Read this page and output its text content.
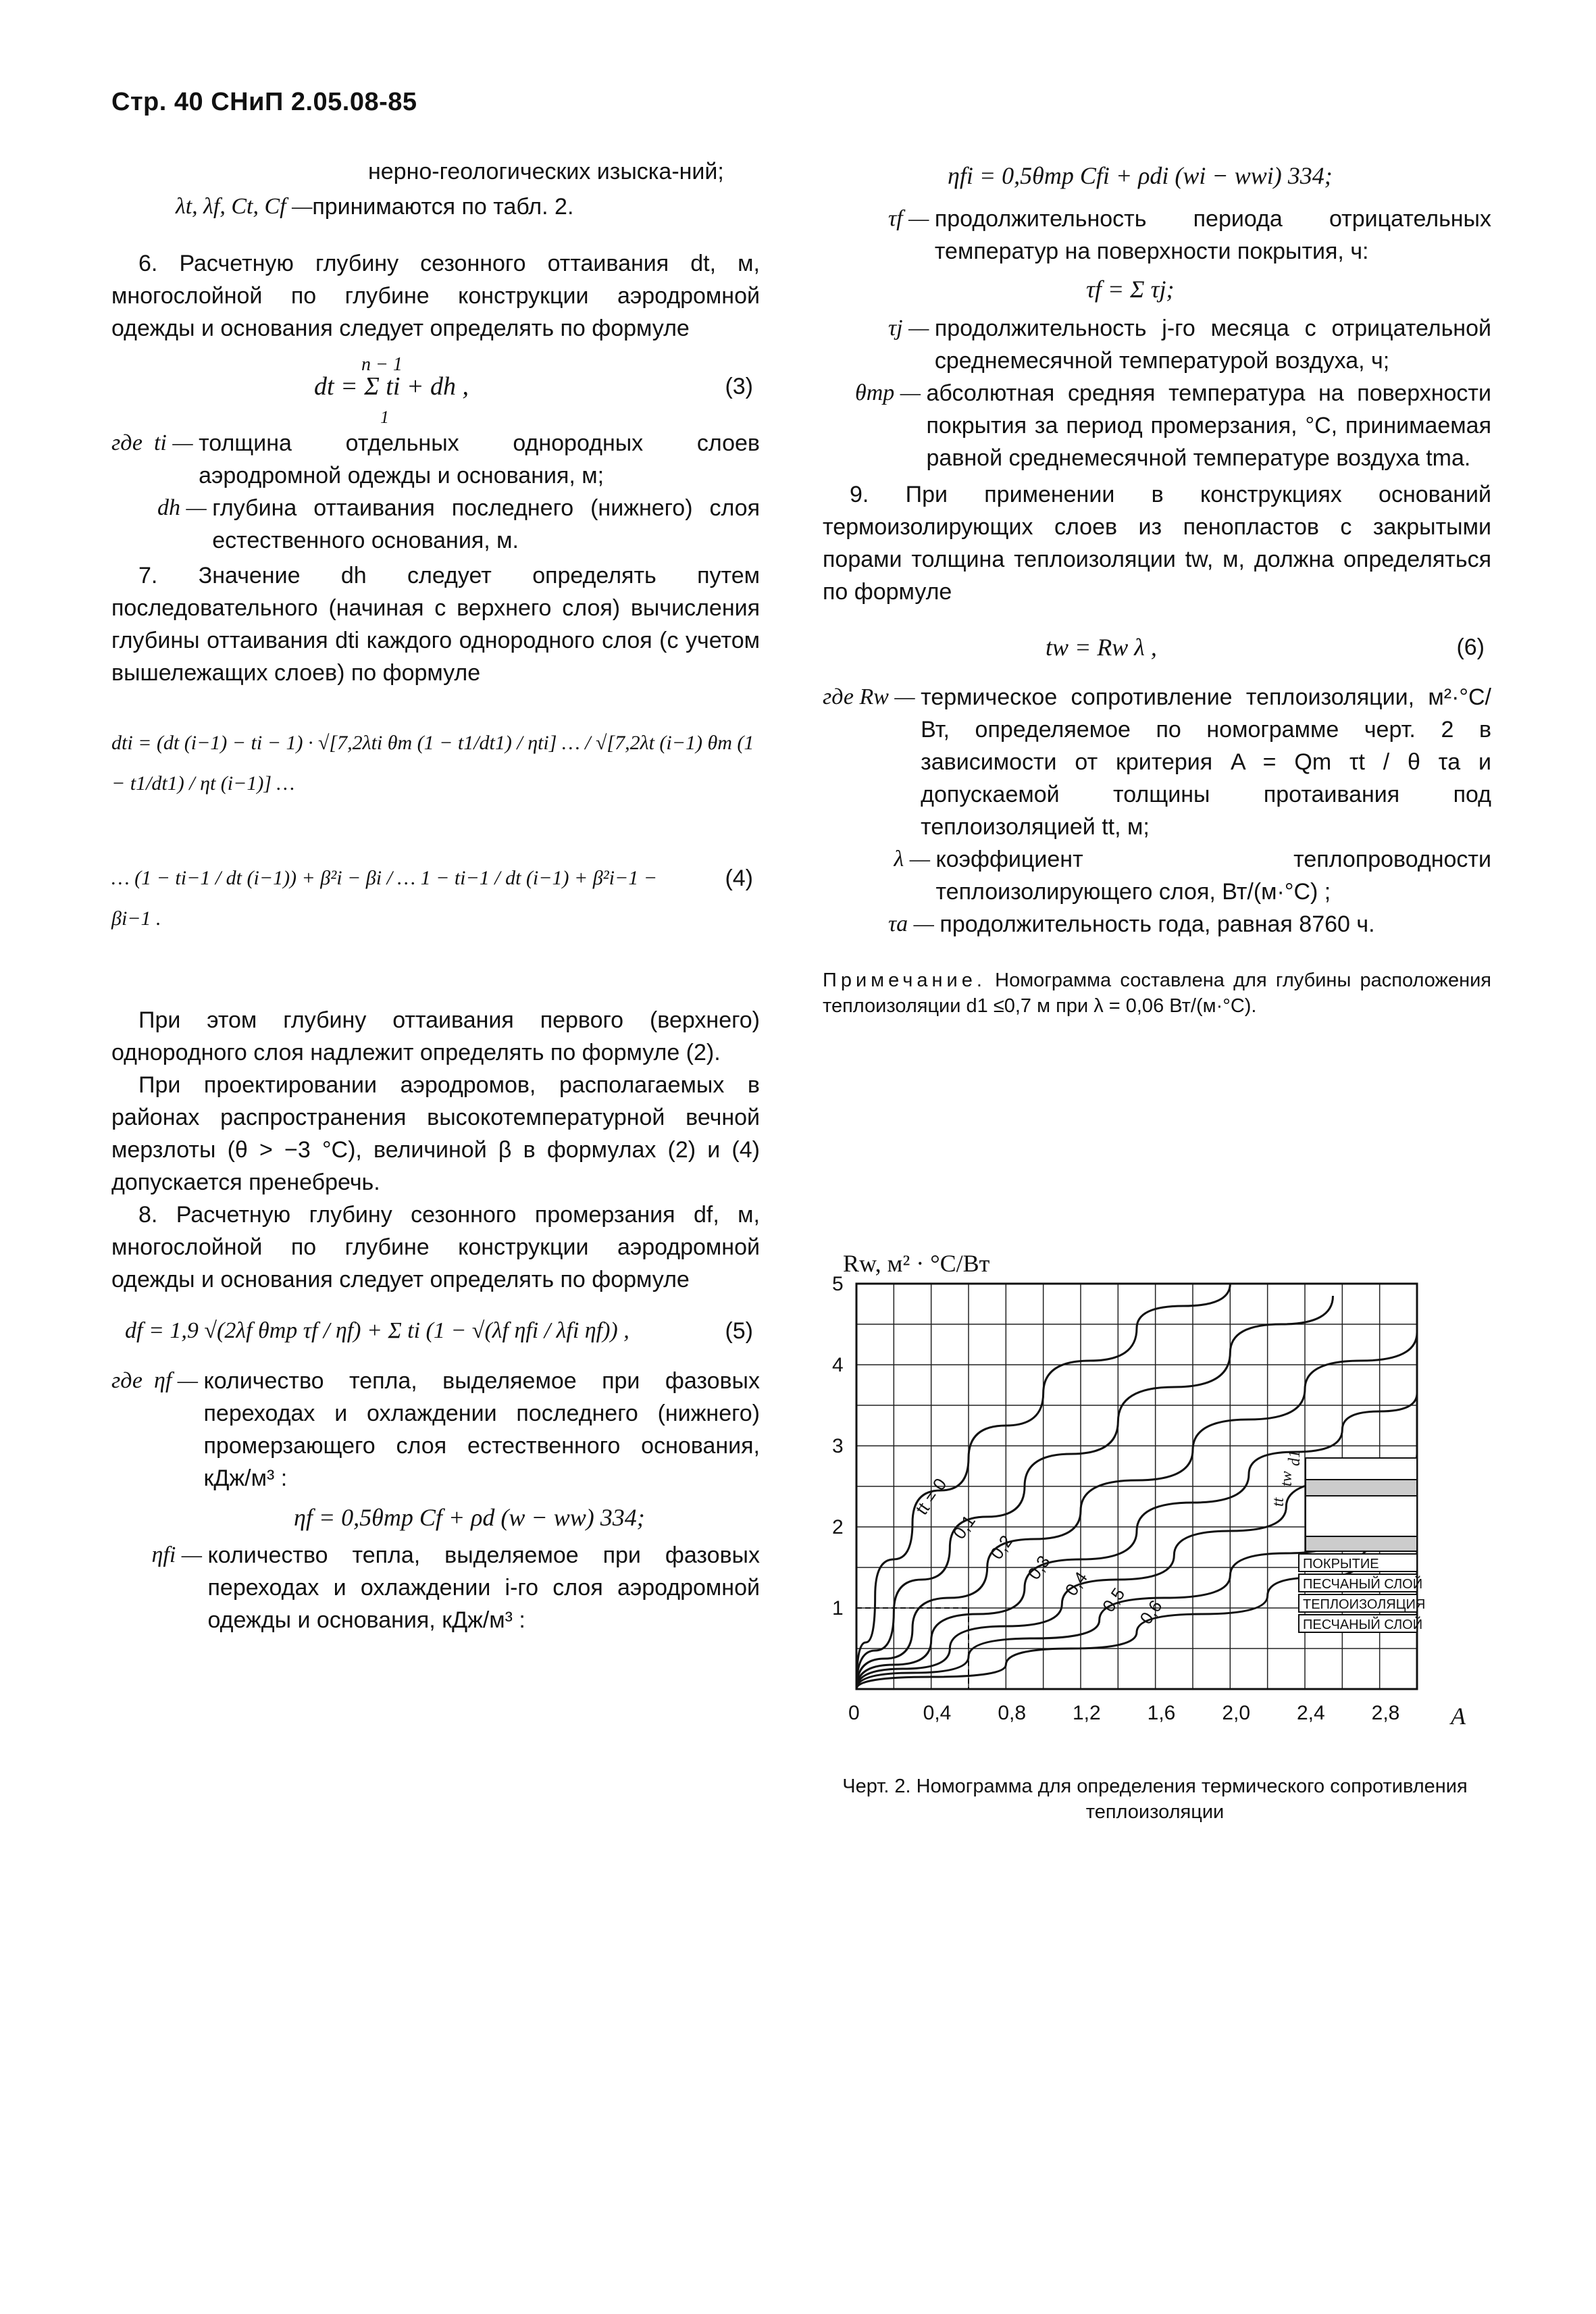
Стр. 40 СНиП 2.05.08-85

нерно-геологических изыска-ний;

λt, λf, Ct, Cf — принимаются по табл. 2.

6. Расчетную глубину сезонного оттаивания dt, м, многослойной по глубине конструкции аэродромной одежды и основания следует определять по формуле

n − 1
dt = Σ ti + dh ,
1
(3)
где  ti — толщина отдельных однородных слоев аэродромной одежды и основания, м;
dh — глубина оттаивания последнего (нижнего) слоя естественного основания, м.

7. Значение dh следует определять путем последовательного (начиная с верхнего слоя) вычисления глубины оттаивания dti каждого однородного слоя (с учетом вышележащих слоев) по формуле

dti = (dt (i−1) − ti − 1) · √[7,2λti θm (1 − t1/dt1) / ηti] … / √[7,2λt (i−1) θm (1 − t1/dt1) / ηt (i−1)] …
… (1 − ti−1 / dt (i−1)) + β²i − βi / … 1 − ti−1 / dt (i−1) + β²i−1 − βi−1 .
(4)

При этом глубину оттаивания первого (верхнего) однородного слоя надлежит определять по формуле (2).

При проектировании аэродромов, располагаемых в районах распространения высокотемпературной вечной мерзлоты (θ > −3 °С), величиной β в формулах (2) и (4) допускается пренебречь.

8. Расчетную глубину сезонного промерзания df, м, многослойной по глубине конструкции аэродромной одежды и основания следует определять по формуле

df = 1,9 √(2λf θmp τf / ηf) + Σ ti (1 − √(λf ηfi / λfi ηf)) ,	(5)
где  ηf — количество тепла, выделяемое при фазовых переходах и охлаждении последнего (нижнего) промерзающего слоя естественного основания, кДж/м³ :
ηf = 0,5θmp Cf + ρd (w − ww) 334;
ηfi — количество тепла, выделяемое при фазовых переходах и охлаждении i-го слоя аэродромной одежды и основания, кДж/м³ :
ηfi = 0,5θmp Cfi + ρdi (wi − wwi) 334;
τf — продолжительность периода отрицательных температур на поверхности покрытия, ч:
τf = Σ τj;
τj — продолжительность j-го месяца с отрицательной среднемесячной температурой воздуха, ч;
θmp — абсолютная средняя температура на поверхности покрытия за период промерзания, °С, принимаемая равной среднемесячной температуре воздуха tma.

9. При применении в конструкциях оснований термоизолирующих слоев из пенопластов с закрытыми порами толщина теплоизоляции tw, м, должна определяться по формуле

tw = Rw λ ,	(6)
где Rw — термическое сопротивление теплоизоляции, м²·°С/Вт, определяемое по номограмме черт. 2 в зависимости от критерия A = Qm τt / θ τa и допускаемой толщины протаивания под теплоизоляцией tt, м;
λ — коэффициент теплопроводности теплоизолирующего слоя, Вт/(м·°С) ;
τa — продолжительность года, равная 8760 ч.

Примечание. Номограмма составлена для глубины расположения теплоизоляции d1 ≤0,7 м при λ = 0,06 Вт/(м·°С).

Rw, м² · °С/Вт
A
0	0,4 0,8 1,2 1,6 2,0 2,4 2,8
1
2
3
4
5
tt = 0
0,1
0,2
0,3
0,4
0,5 0,6
ПОКРЫТИЕ
ПЕСЧАНЫЙ СЛОЙ
ТЕПЛОИЗОЛЯЦИЯ
ПЕСЧАНЫЙ СЛОЙ
tt
tw
d1
Черт. 2. Номограмма для определения термического сопротивления теплоизоляции
